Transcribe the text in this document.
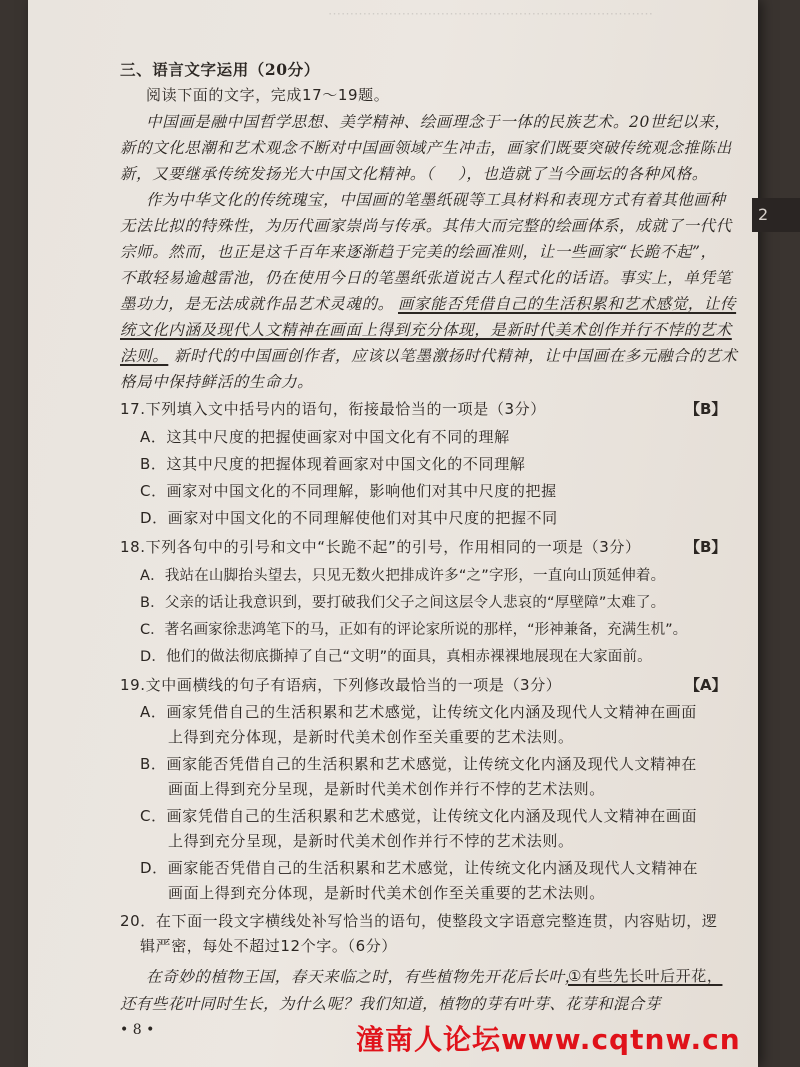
⋯⋯⋯⋯⋯⋯⋯⋯⋯⋯⋯⋯⋯⋯⋯⋯⋯⋯⋯⋯⋯⋯⋯⋯⋯
三、语言文字运用（20分）
阅读下面的文字，完成17～19题。
中国画是融中国哲学思想、美学精神、绘画理念于一体的民族艺术。20世纪以来，
新的文化思潮和艺术观念不断对中国画领域产生冲击，画家们既要突破传统观念推陈出
新，又要继承传统发扬光大中国文化精神。（ ），也造就了当今画坛的各种风格。
作为中华文化的传统瑰宝，中国画的笔墨纸砚等工具材料和表现方式有着其他画种
无法比拟的特殊性，为历代画家崇尚与传承。其伟大而完整的绘画体系，成就了一代代
宗师。然而，也正是这千百年来逐渐趋于完美的绘画准则，让一些画家“长跪不起”，
不敢轻易逾越雷池，仍在使用今日的笔墨纸张道说古人程式化的话语。事实上，单凭笔
墨功力，是无法成就作品艺术灵魂的。 画家能否凭借自己的生活积累和艺术感觉，让传
统文化内涵及现代人文精神在画面上得到充分体现，是新时代美术创作并行不悖的艺术
法则。 新时代的中国画创作者，应该以笔墨激扬时代精神，让中国画在多元融合的艺术
格局中保持鲜活的生命力。
17.下列填入文中括号内的语句，衔接最恰当的一项是（3分）	【B】
A．这其中尺度的把握使画家对中国文化有不同的理解
B．这其中尺度的把握体现着画家对中国文化的不同理解
C．画家对中国文化的不同理解，影响他们对其中尺度的把握
D．画家对中国文化的不同理解使他们对其中尺度的把握不同
18.下列各句中的引号和文中“长跪不起”的引号，作用相同的一项是（3分）	【B】
A．我站在山脚抬头望去，只见无数火把排成许多“之”字形，一直向山顶延伸着。
B．父亲的话让我意识到，要打破我们父子之间这层令人悲哀的“厚壁障”太难了。
C．著名画家徐悲鸿笔下的马，正如有的评论家所说的那样，“形神兼备，充满生机”。
D．他们的做法彻底撕掉了自己“文明”的面具，真相赤裸裸地展现在大家面前。
19.文中画横线的句子有语病，下列修改最恰当的一项是（3分）	【A】
A．画家凭借自己的生活积累和艺术感觉，让传统文化内涵及现代人文精神在画面
上得到充分体现，是新时代美术创作至关重要的艺术法则。
B．画家能否凭借自己的生活积累和艺术感觉，让传统文化内涵及现代人文精神在
画面上得到充分呈现，是新时代美术创作并行不悖的艺术法则。
C．画家凭借自己的生活积累和艺术感觉，让传统文化内涵及现代人文精神在画面
上得到充分呈现，是新时代美术创作并行不悖的艺术法则。
D．画家能否凭借自己的生活积累和艺术感觉，让传统文化内涵及现代人文精神在
画面上得到充分体现，是新时代美术创作至关重要的艺术法则。
20．在下面一段文字横线处补写恰当的语句，使整段文字语意完整连贯，内容贴切，逻
辑严密，每处不超过12个字。（6分）
在奇妙的植物王国，春天来临之时，有些植物先开花后长叶，
还有些花叶同时生长，为什么呢？我们知道，植物的芽有叶芽、花芽和混合芽
①有些先长叶后开花，
• 8 •
2
潼南人论坛www.cqtnw.cn
